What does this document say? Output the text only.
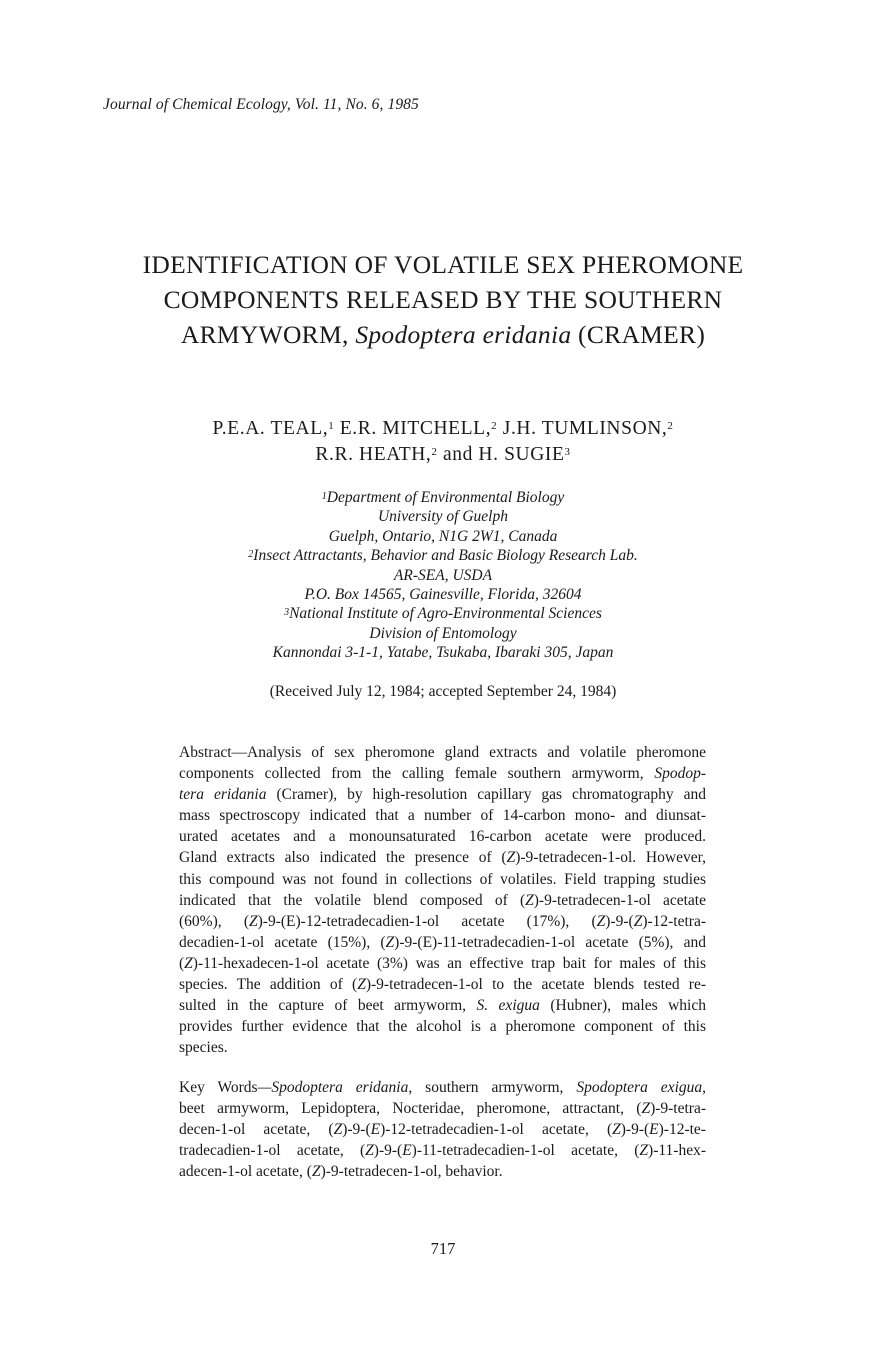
Journal of Chemical Ecology, Vol. 11, No. 6, 1985
IDENTIFICATION OF VOLATILE SEX PHEROMONE
COMPONENTS RELEASED BY THE SOUTHERN
ARMYWORM, Spodoptera eridania (CRAMER)
P.E.A. TEAL,$^1$ E.R. MITCHELL,$^2$ J.H. TUMLINSON,$^2$
R.R. HEATH,$^2$ and H. SUGIE$^3$
$^1$Department of Environmental Biology
University of Guelph
Guelph, Ontario, N1G 2W1, Canada
$^2$Insect Attractants, Behavior and Basic Biology Research Lab.
AR-SEA, USDA
P.O. Box 14565, Gainesville, Florida, 32604
$^3$National Institute of Agro-Environmental Sciences
Division of Entomology
Kannondai 3-1-1, Yatabe, Tsukaba, Ibaraki 305, Japan
(Received July 12, 1984; accepted September 24, 1984)
Abstract—Analysis of sex pheromone gland extracts and volatile pheromone
components collected from the calling female southern armyworm, Spodop-
tera eridania (Cramer), by high-resolution capillary gas chromatography and
mass spectroscopy indicated that a number of 14-carbon mono- and diunsat-
urated acetates and a monounsaturated 16-carbon acetate were produced.
Gland extracts also indicated the presence of (Z)-9-tetradecen-1-ol. However,
this compound was not found in collections of volatiles. Field trapping studies
indicated that the volatile blend composed of (Z)-9-tetradecen-1-ol acetate
(60%), (Z)-9-(E)-12-tetradecadien-1-ol acetate (17%), (Z)-9-(Z)-12-tetra-
decadien-1-ol acetate (15%), (Z)-9-(E)-11-tetradecadien-1-ol acetate (5%), and
(Z)-11-hexadecen-1-ol acetate (3%) was an effective trap bait for males of this
species. The addition of (Z)-9-tetradecen-1-ol to the acetate blends tested re-
sulted in the capture of beet armyworm, S. exigua (Hubner), males which
provides further evidence that the alcohol is a pheromone component of this
species.
Key Words—Spodoptera eridania, southern armyworm, Spodoptera exigua,
beet armyworm, Lepidoptera, Nocteridae, pheromone, attractant, (Z)-9-tetra-
decen-1-ol acetate, (Z)-9-(E)-12-tetradecadien-1-ol acetate, (Z)-9-(E)-12-te-
tradecadien-1-ol acetate, (Z)-9-(E)-11-tetradecadien-1-ol acetate, (Z)-11-hex-
adecen-1-ol acetate, (Z)-9-tetradecen-1-ol, behavior.
717
